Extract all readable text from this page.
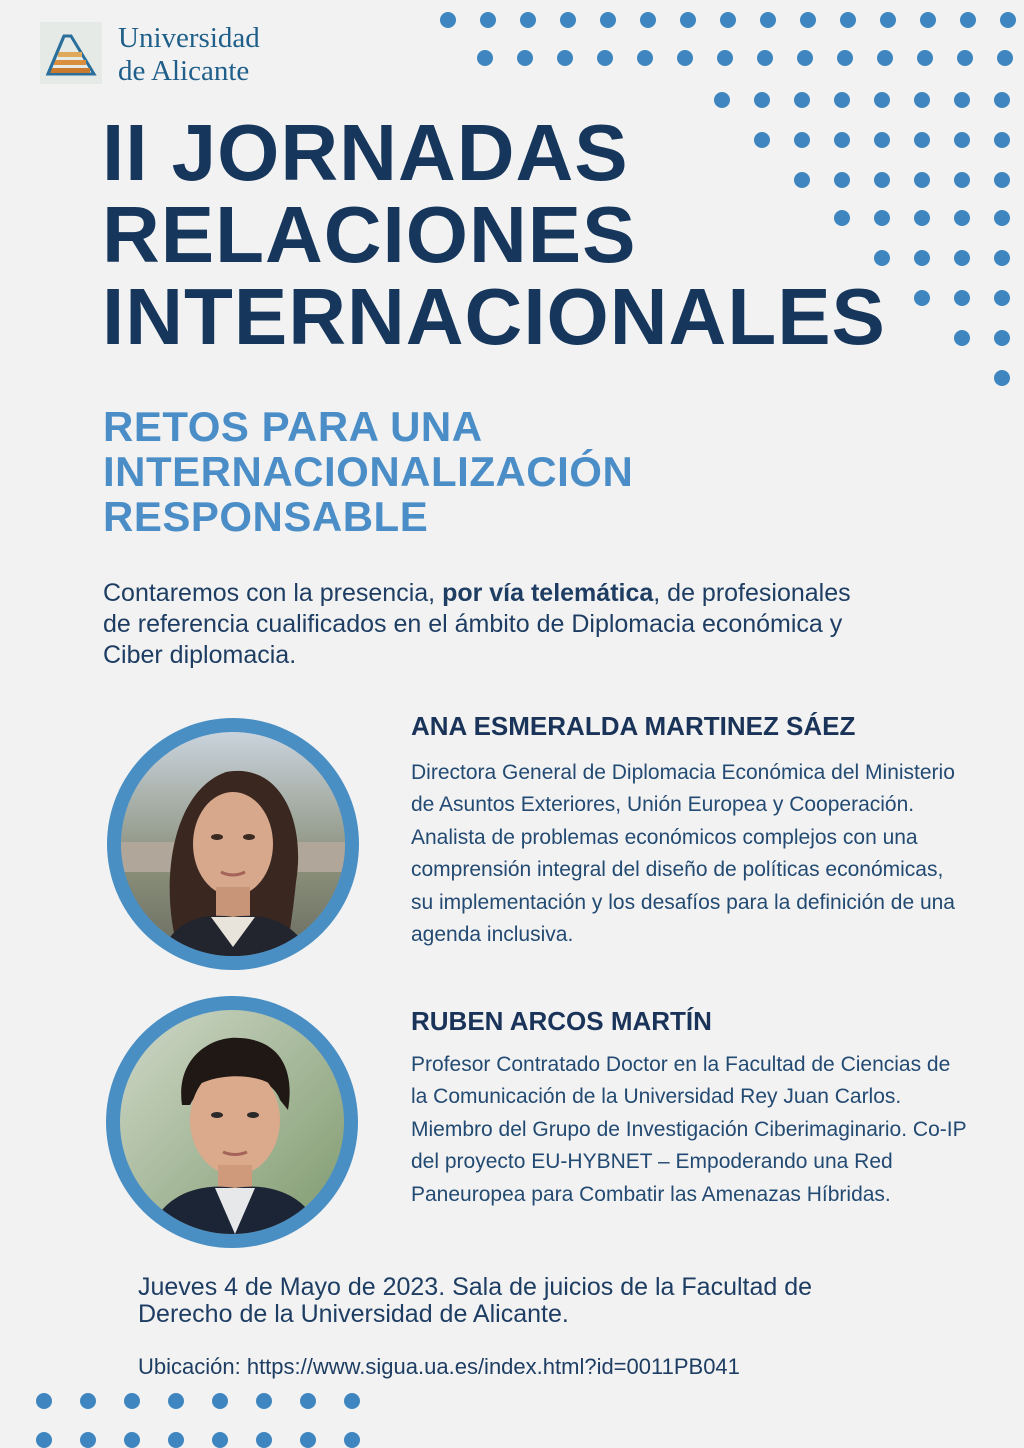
Universidad
de Alicante
II JORNADAS
RELACIONES
INTERNACIONALES
RETOS PARA UNA
INTERNACIONALIZACIÓN
RESPONSABLE
Contaremos con la presencia, por vía telemática, de profesionales de referencia cualificados en el ámbito de Diplomacia económica y Ciber diplomacia.
ANA ESMERALDA MARTINEZ SÁEZ
Directora General de Diplomacia Económica del Ministerio de Asuntos Exteriores, Unión Europea y Cooperación. Analista de problemas económicos complejos con una comprensión integral del diseño de políticas económicas, su implementación y los desafíos para la definición de una agenda inclusiva.
RUBEN ARCOS MARTÍN
Profesor Contratado Doctor en la Facultad de Ciencias de la Comunicación de la Universidad Rey Juan Carlos. Miembro del Grupo de Investigación Ciberimaginario. Co-IP del proyecto EU-HYBNET – Empoderando una Red Paneuropea para Combatir las Amenazas Híbridas.
Jueves 4 de Mayo de 2023. Sala de juicios de la Facultad de Derecho de la Universidad de Alicante.
Ubicación: https://www.sigua.ua.es/index.html?id=0011PB041
